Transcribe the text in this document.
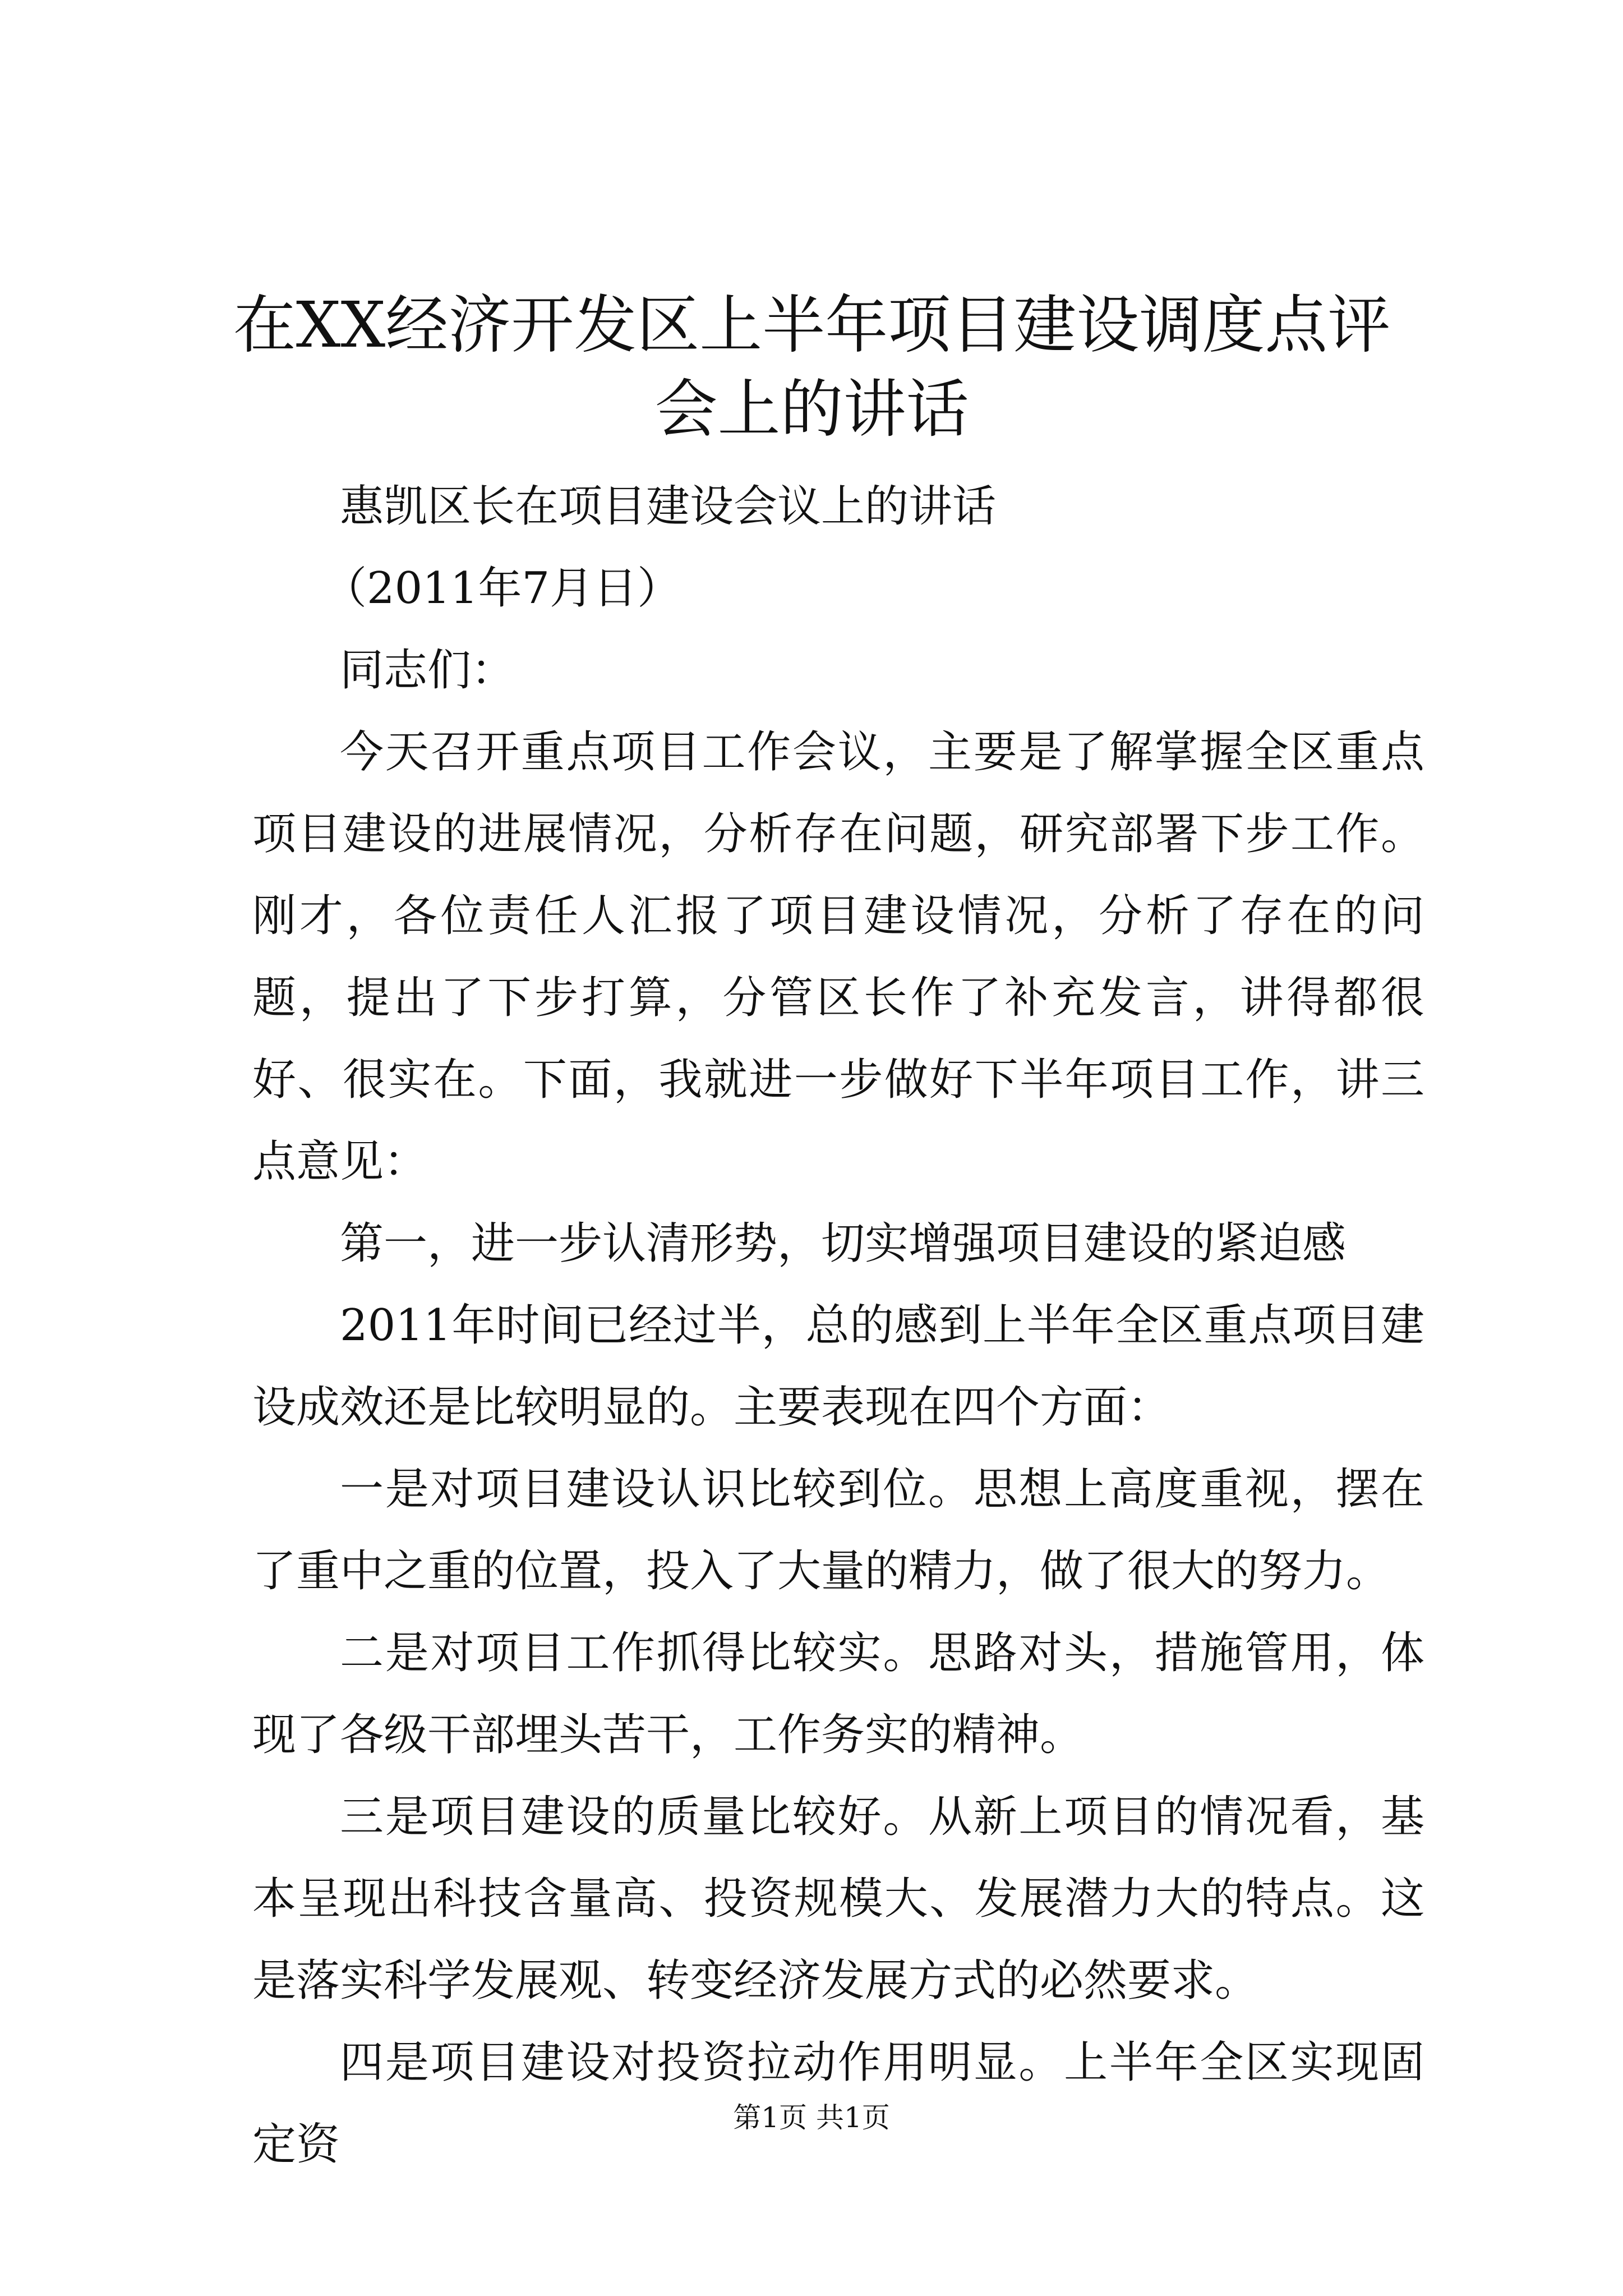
在XX经济开发区上半年项目建设调度点评会上的讲话

惠凯区长在项目建设会议上的讲话

（2011年7月日）

同志们：

今天召开重点项目工作会议，主要是了解掌握全区重点项目建设的进展情况，分析存在问题，研究部署下步工作。刚才，各位责任人汇报了项目建设情况，分析了存在的问题，提出了下步打算，分管区长作了补充发言，讲得都很好、很实在。下面，我就进一步做好下半年项目工作，讲三点意见：

第一，进一步认清形势，切实增强项目建设的紧迫感

2011年时间已经过半，总的感到上半年全区重点项目建设成效还是比较明显的。主要表现在四个方面：

一是对项目建设认识比较到位。思想上高度重视，摆在了重中之重的位置，投入了大量的精力，做了很大的努力。

二是对项目工作抓得比较实。思路对头，措施管用，体现了各级干部埋头苦干，工作务实的精神。

三是项目建设的质量比较好。从新上项目的情况看，基本呈现出科技含量高、投资规模大、发展潜力大的特点。这是落实科学发展观、转变经济发展方式的必然要求。

四是项目建设对投资拉动作用明显。上半年全区实现固定资

第1页 共1页
